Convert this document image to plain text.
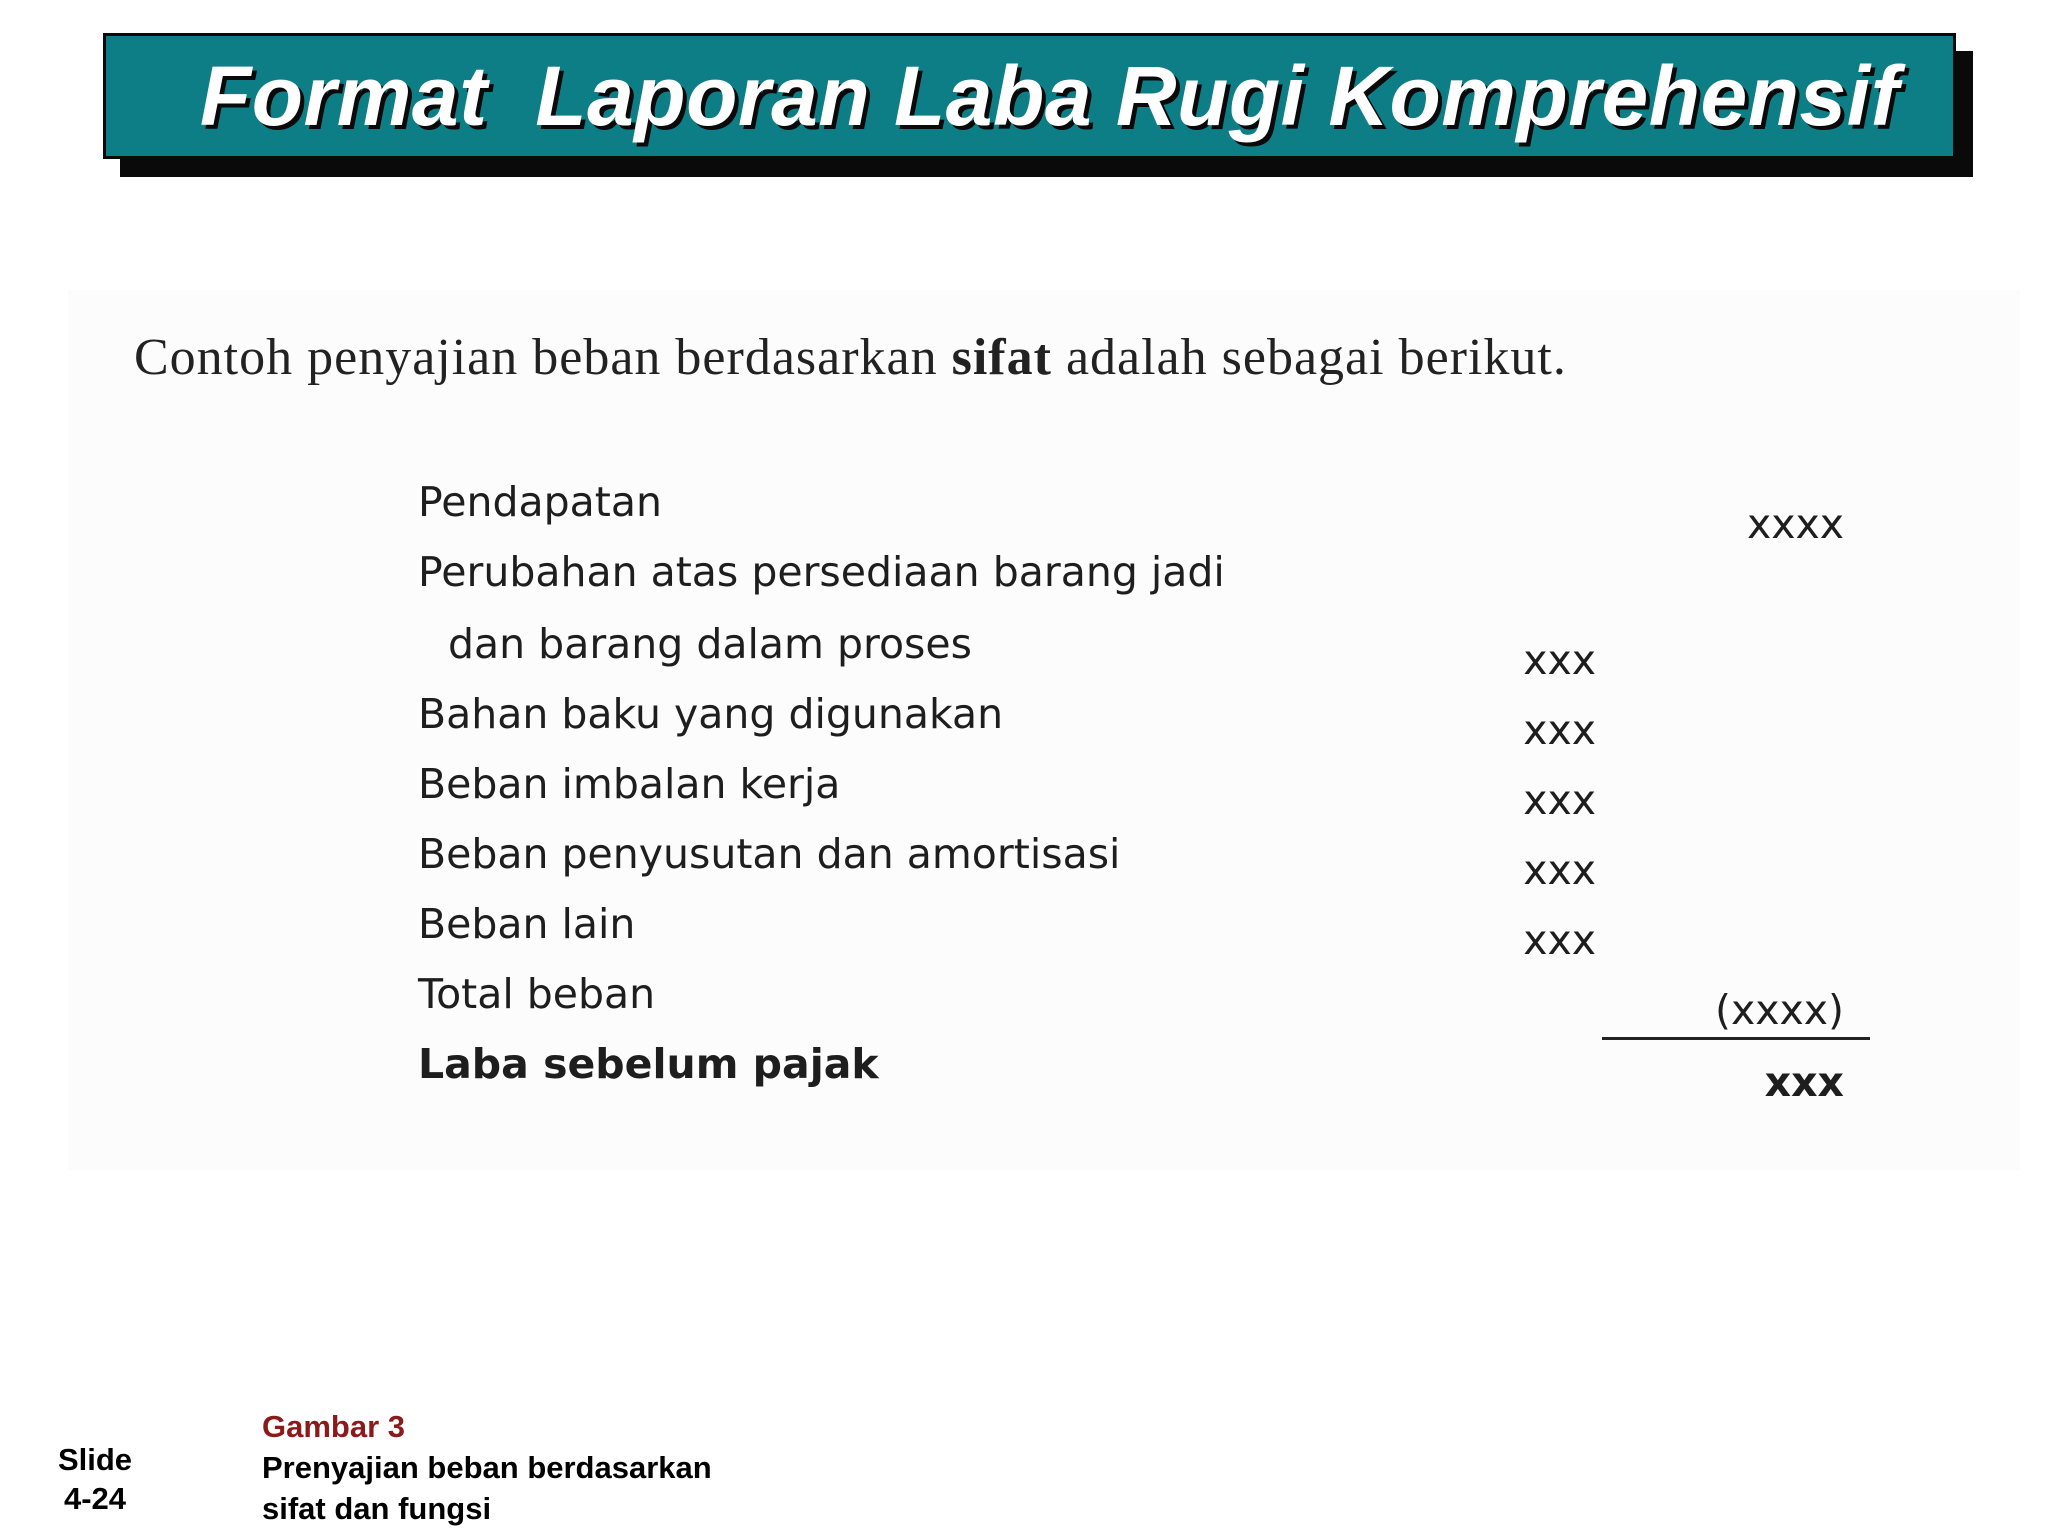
Format  Laporan Laba Rugi Komprehensif
Contoh penyajian beban berdasarkan sifat adalah sebagai berikut.
Pendapatan	xxxx
Perubahan atas persediaan barang jadi
dan barang dalam proses	xxx
Bahan baku yang digunakan	xxx
Beban imbalan kerja	xxx
Beban penyusutan dan amortisasi	xxx
Beban lain	xxx
Total beban	(xxxx)
Laba sebelum pajak	xxx
Slide
4-24
Gambar 3
Prenyajian beban berdasarkan
sifat dan fungsi
